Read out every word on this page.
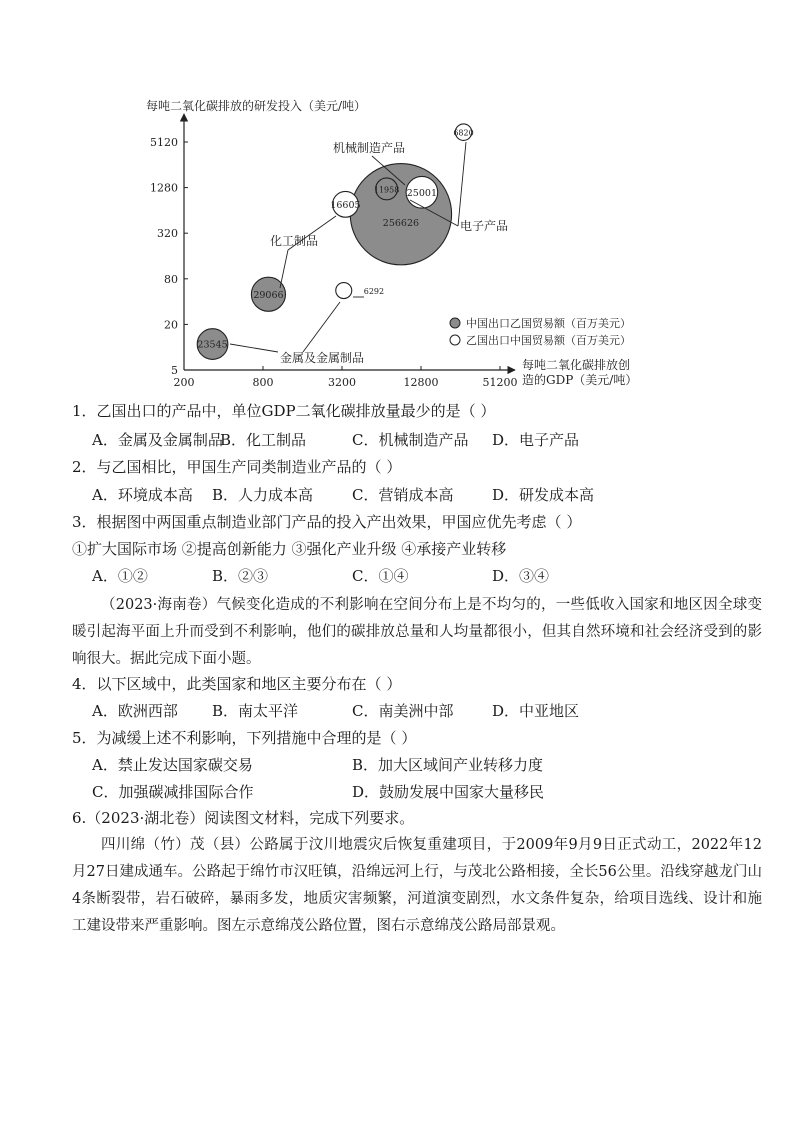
每吨二氧化碳排放的研发投入（美元/吨）
5
20
80
320
1280
5120
200	800	3200	12800	51200
每吨二氧化碳排放创
造的GDP（美元/吨）
256626
29066
25001
23545
16605
11958
6820
6292
机械制造产品
化工制品
电子产品
金属及金属制品
中国出口乙国贸易额（百万美元）
乙国出口中国贸易额（百万美元）
1．乙国出口的产品中，单位GDP二氧化碳排放量最少的是（ ）
A．金属及金属制品B．化工制品	C．机械制造产品 D．电子产品
2．与乙国相比，甲国生产同类制造业产品的（ ）
A．环境成本高 B．人力成本高	C．营销成本高	D．研发成本高
3．根据图中两国重点制造业部门产品的投入产出效果，甲国应优先考虑（ ）
①扩大国际市场 ②提高创新能力 ③强化产业升级 ④承接产业转移
A．①②	B．②③	C．①④	D．③④
（2023·海南卷）气候变化造成的不利影响在空间分布上是不均匀的，一些低收入国家和地区因全球变暖引起海平面上升而受到不利影响，他们的碳排放总量和人均量都很小，但其自然环境和社会经济受到的影响很大。据此完成下面小题。
4．以下区域中，此类国家和地区主要分布在（ ）
A．欧洲西部 B．南太平洋	C．南美洲中部	D．中亚地区
5．为减缓上述不利影响，下列措施中合理的是（ ）
A．禁止发达国家碳交易	B．加大区域间产业转移力度
C．加强碳减排国际合作	D．鼓励发展中国家大量移民
6.（2023·湖北卷）阅读图文材料，完成下列要求。
四川绵（竹）茂（县）公路属于汶川地震灾后恢复重建项目，于2009年9月9日正式动工，2022年12月27日建成通车。公路起于绵竹市汉旺镇，沿绵远河上行，与茂北公路相接，全长56公里。沿线穿越龙门山4条断裂带，岩石破碎，暴雨多发，地质灾害频繁，河道演变剧烈，水文条件复杂，给项目选线、设计和施工建设带来严重影响。图左示意绵茂公路位置，图右示意绵茂公路局部景观。
